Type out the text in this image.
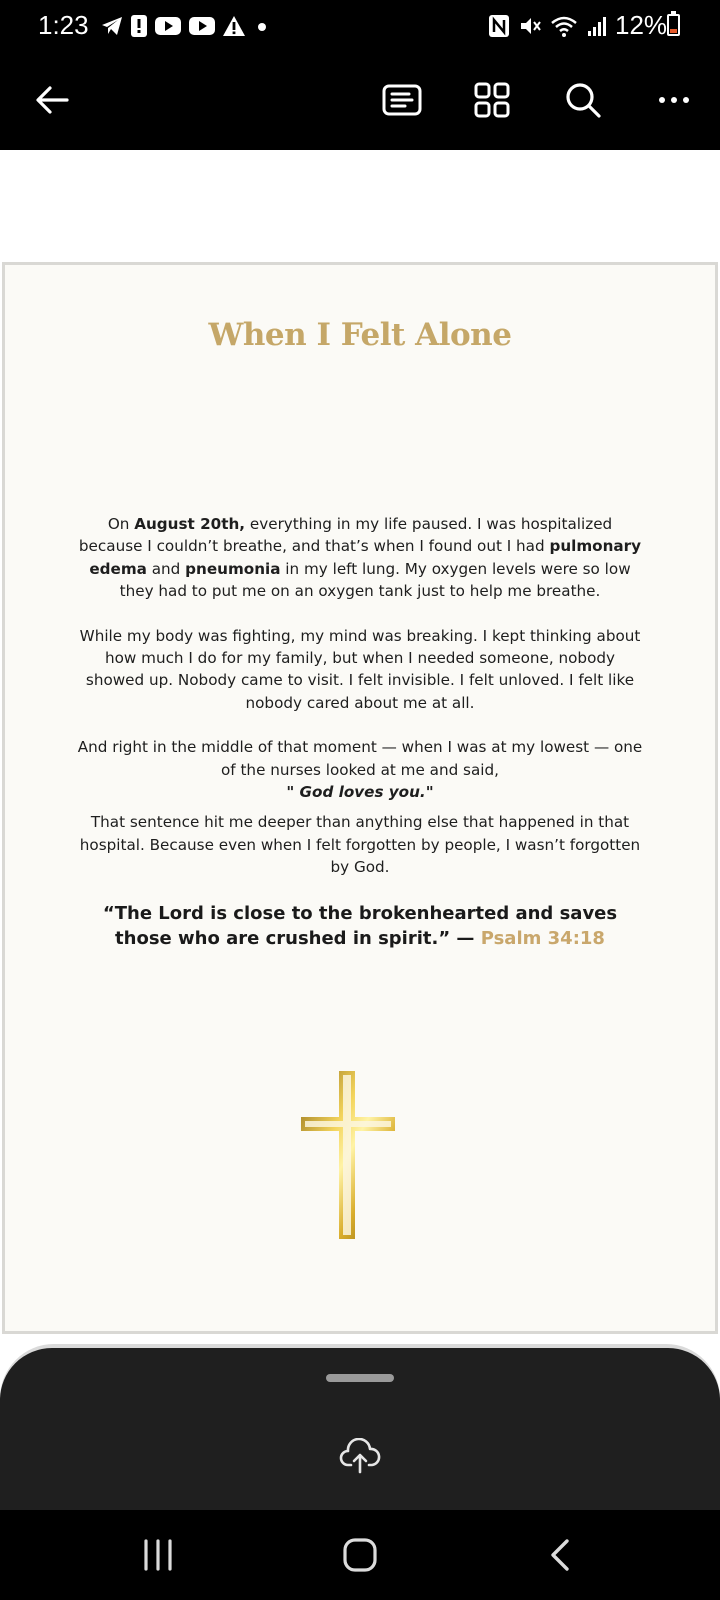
1:23	12%
When I Felt Alone

On August 20th, everything in my life paused. I was hospitalized because I couldn’t breathe, and that’s when I found out I had pulmonary edema and pneumonia in my left lung. My oxygen levels were so low they had to put me on an oxygen tank just to help me breathe.

While my body was fighting, my mind was breaking. I kept thinking about how much I do for my family, but when I needed someone, nobody showed up. Nobody came to visit. I felt invisible. I felt unloved. I felt like nobody cared about me at all.

And right in the middle of that moment — when I was at my lowest — one of the nurses looked at me and said,
" God loves you."

That sentence hit me deeper than anything else that happened in that hospital. Because even when I felt forgotten by people, I wasn’t forgotten by God.

“The Lord is close to the brokenhearted and saves those who are crushed in spirit.” — Psalm 34:18
